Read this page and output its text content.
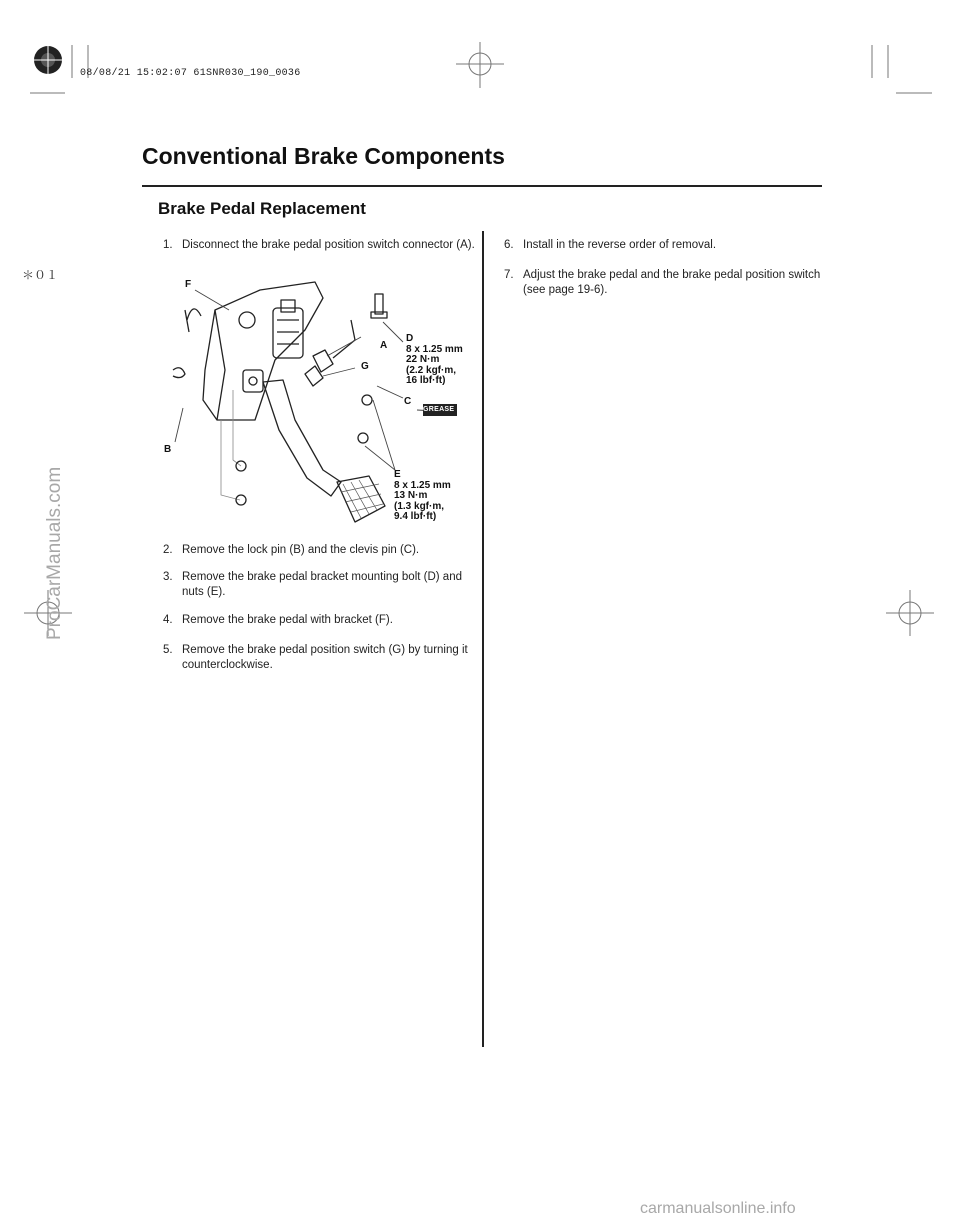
08/08/21 15:02:07 61SNR030_190_0036
＊０１
Conventional Brake Components
Brake Pedal Replacement
1. Disconnect the brake pedal position switch connector (A).
GREASE
F
A
G
C
B
D
8 x 1.25 mm
22 N·m
(2.2 kgf·m,
16 lbf·ft)
E
8 x 1.25 mm
13 N·m
(1.3 kgf·m,
9.4 lbf·ft)
2. Remove the lock pin (B) and the clevis pin (C).
3. Remove the brake pedal bracket mounting bolt (D) and nuts (E).
4. Remove the brake pedal with bracket (F).
5. Remove the brake pedal position switch (G) by turning it counterclockwise.
6. Install in the reverse order of removal.
7. Adjust the brake pedal and the brake pedal position switch (see page 19-6).
ProCarManuals.com
carmanualsonline.info
